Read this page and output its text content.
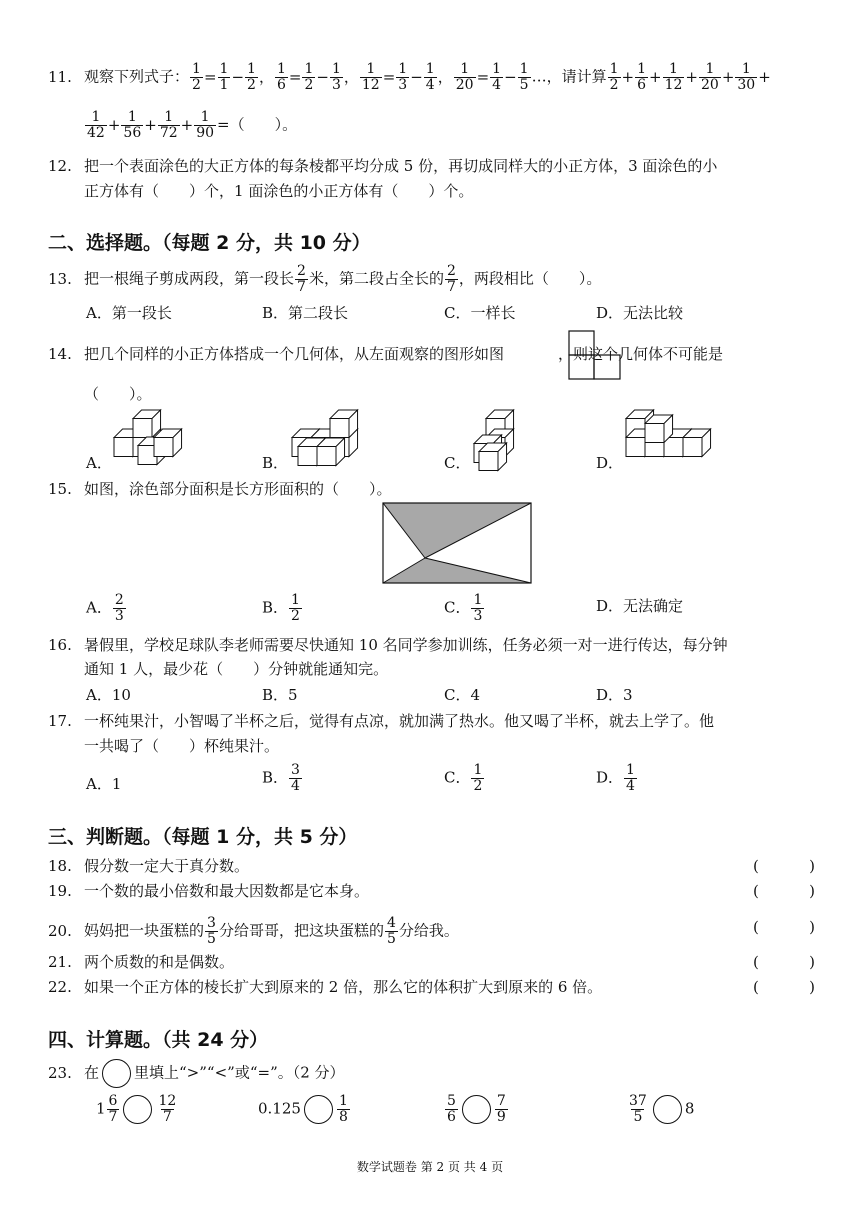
11. 观察下列式子： $\frac{1}{2} = \frac{1}{1} - \frac{1}{2}$ ， $\frac{1}{6} = \frac{1}{2} - \frac{1}{3}$ ， $\frac{1}{12} = \frac{1}{3} - \frac{1}{4}$ ， $\frac{1}{20} = \frac{1}{4} - \frac{1}{5}$ …，请计算 $\frac{1}{2} + \frac{1}{6} + \frac{1}{12} + \frac{1}{20} + \frac{1}{30}$ +
$\frac{1}{42} + \frac{1}{56} + \frac{1}{72} + \frac{1}{90}$ =（　　）。
12. 把一个表面涂色的大正方体的每条棱都平均分成 5 份，再切成同样大的小正方体，3 面涂色的小
正方体有（　　）个，1 面涂色的小正方体有（　　）个。
二、选择题。（每题 2 分，共 10 分）
13. 把一根绳子剪成两段，第一段长 $\frac{2}{7}$ 米，第二段占全长的 $\frac{2}{7}$ ，两段相比（　　）。
A．第一段长	B．第二段长	C．一样长	D．无法比较
14. 把几个同样的小正方体搭成一个几何体，从左面观察的图形如图	，则这个几何体不可能是
（　　）。
A．	B．	C．	D．
15. 如图，涂色部分面积是长方形面积的（　　）。
A． $\frac{2}{3}$	B． $\frac{1}{2}$	C． $\frac{1}{3}$	D．无法确定
16. 暑假里，学校足球队李老师需要尽快通知 10 名同学参加训练，任务必须一对一进行传达，每分钟
通知 1 人，最少花（　　）分钟就能通知完。
A．10	B．5	C．4	D．3
17. 一杯纯果汁，小智喝了半杯之后，觉得有点凉，就加满了热水。他又喝了半杯，就去上学了。他
一共喝了（　　）杯纯果汁。
A．1	B． $\frac{3}{4}$	C． $\frac{1}{2}$	D． $\frac{1}{4}$
三、判断题。（每题 1 分，共 5 分）
18. 假分数一定大于真分数。	(	)
19. 一个数的最小倍数和最大因数都是它本身。	(	)
20. 妈妈把一块蛋糕的 $\frac{3}{5}$ 分给哥哥，把这块蛋糕的 $\frac{4}{5}$ 分给我。	(	)
21. 两个质数的和是偶数。	(	)
22. 如果一个正方体的棱长扩大到原来的 2 倍，那么它的体积扩大到原来的 6 倍。	(	)
四、计算题。（共 24 分）
23. 在 里填上“>”“<”或“=”。（2 分）
$1 \frac{6}{7}$	$\frac{12}{7}$	0.125	$\frac{1}{8}$	$\frac{5}{6}$	$\frac{7}{9}$	$\frac{37}{5} 8$
数学试题卷 第 2 页 共 4 页
